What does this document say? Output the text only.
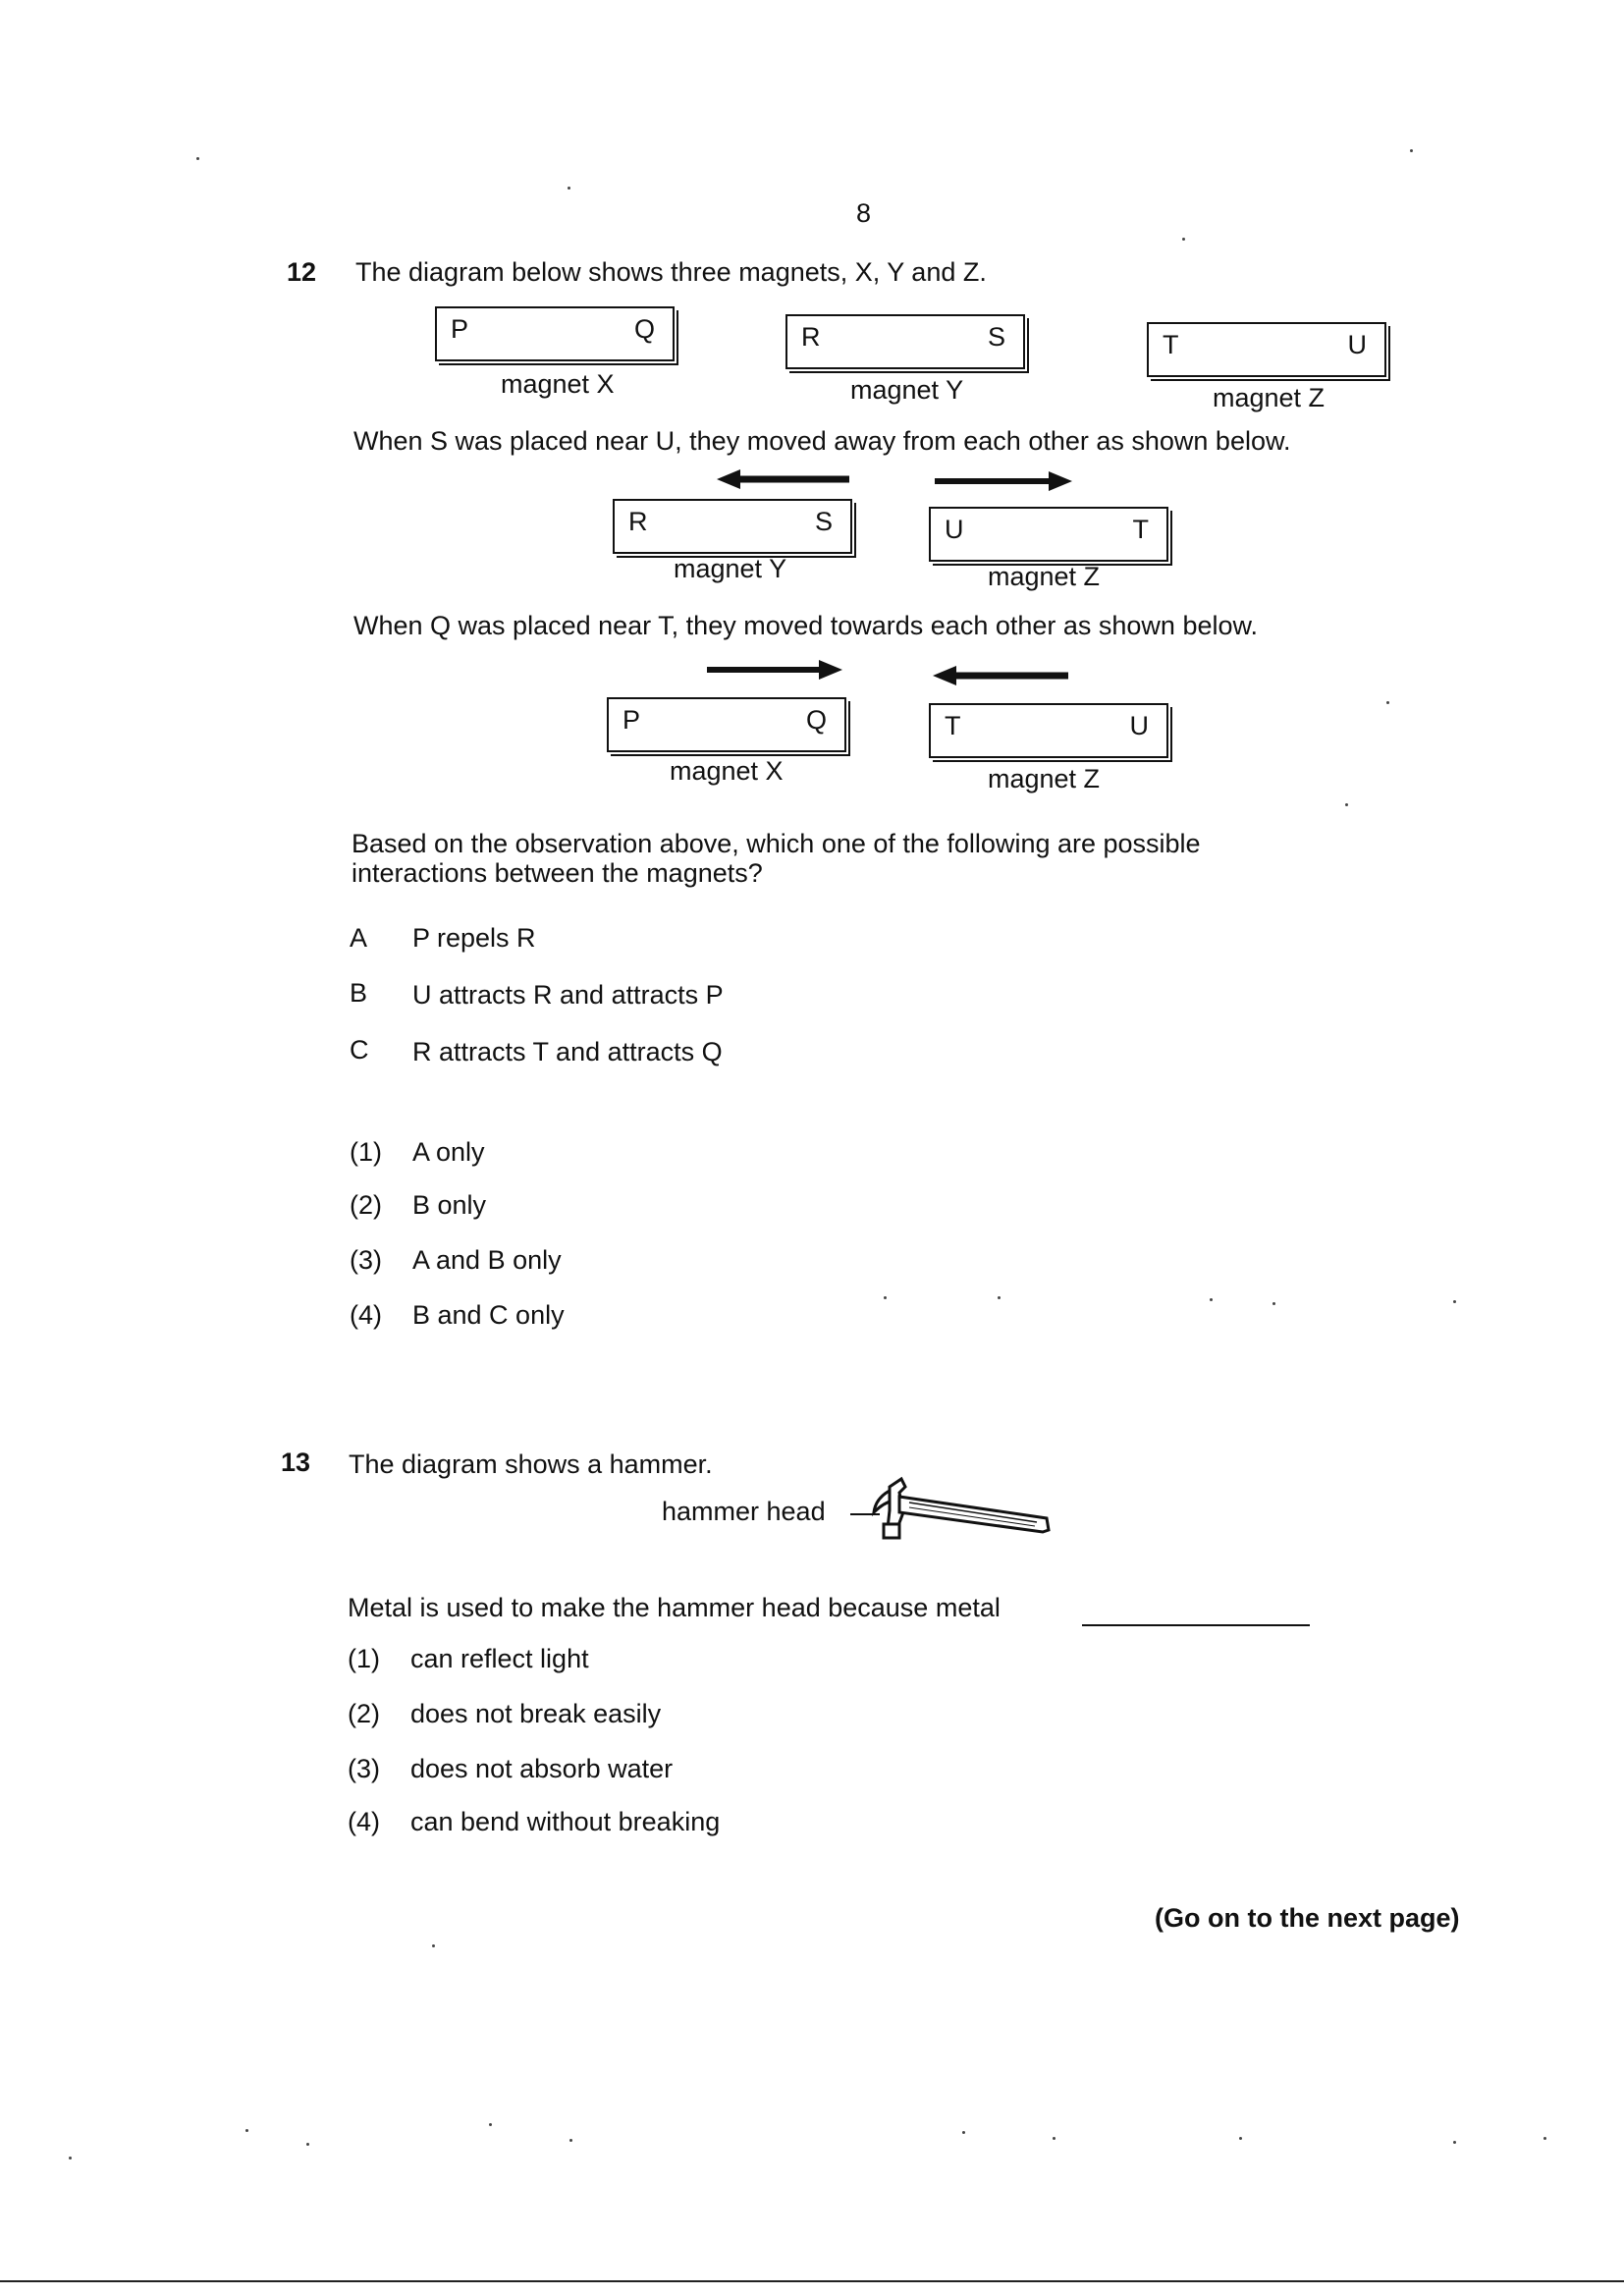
8
12 The diagram below shows three magnets, X, Y and Z.
P	Q
magnet X
R	S
magnet Y
T	U
magnet Z
When S was placed near U, they moved away from each other as shown below.
R	S
magnet Y
U	T
magnet Z
When Q was placed near T, they moved towards each other as shown below.
P	Q
magnet X
T	U
magnet Z
Based on the observation above, which one of the following are possible
interactions between the magnets?
A P repels R
B U attracts R and attracts P
C R attracts T and attracts Q
(1) A only
(2) B only
(3) A and B only
(4) B and C only
13 The diagram shows a hammer.
hammer head
Metal is used to make the hammer head because metal
(1) can reflect light
(2) does not break easily
(3) does not absorb water
(4) can bend without breaking
(Go on to the next page)
